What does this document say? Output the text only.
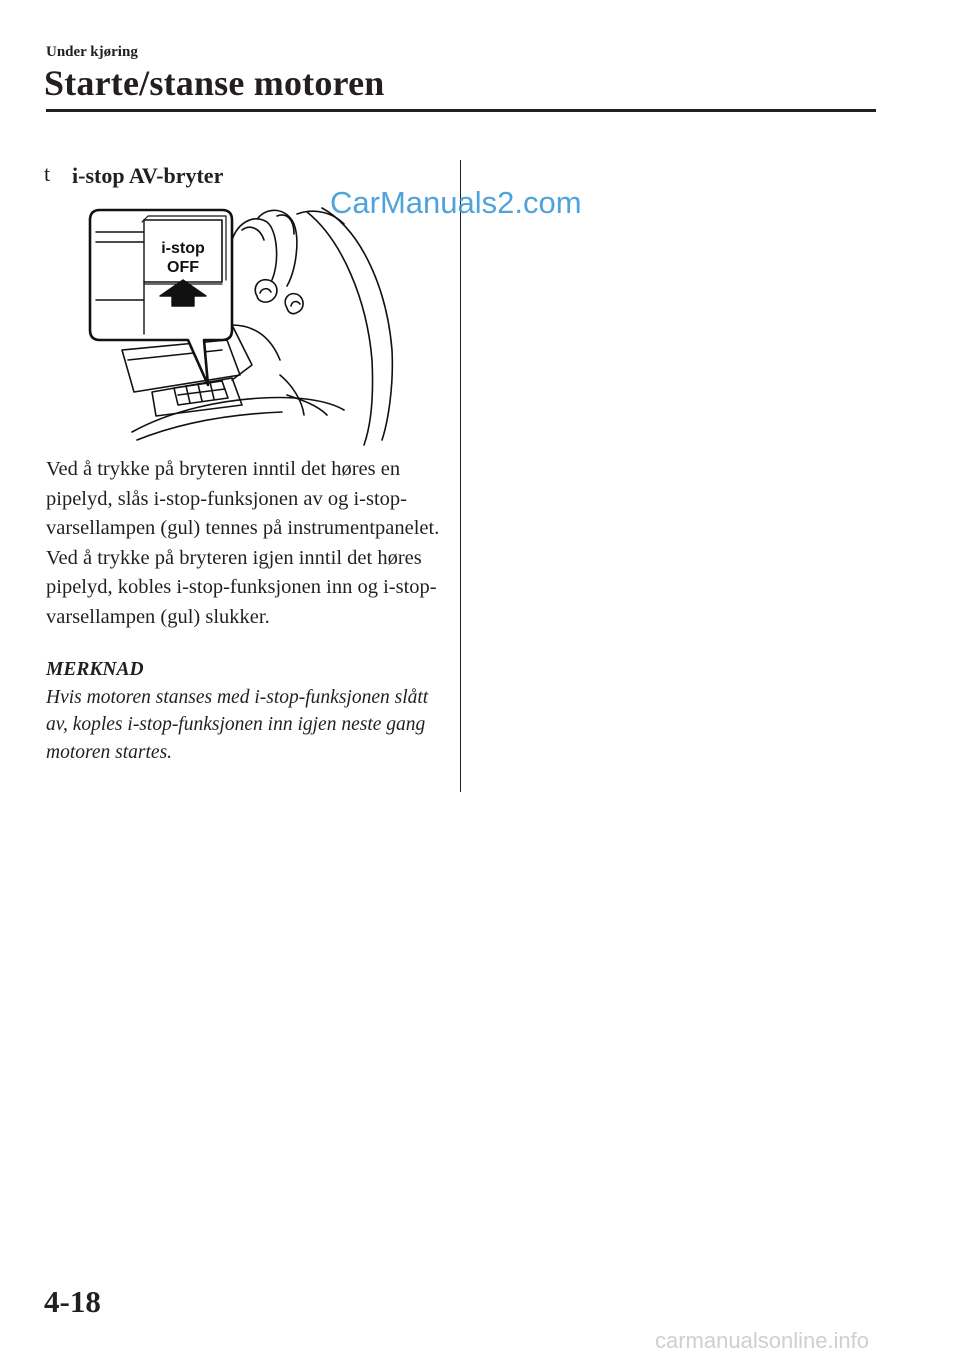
Under kjøring
Starte/stanse motoren
t i-stop AV-bryter
CarManuals2.com
i-stop
OFF

Ved å trykke på bryteren inntil det høres en pipelyd, slås i-stop-funksjonen av og i-stop-varsellampen (gul) tennes på instrumentpanelet. Ved å trykke på bryteren igjen inntil det høres pipelyd, kobles i-stop-funksjonen inn og i-stop-varsellampen (gul) slukker.

MERKNAD
Hvis motoren stanses med i-stop-funksjonen slått av, koples i-stop-funksjonen inn igjen neste gang motoren startes.
4-18
carmanualsonline.info
